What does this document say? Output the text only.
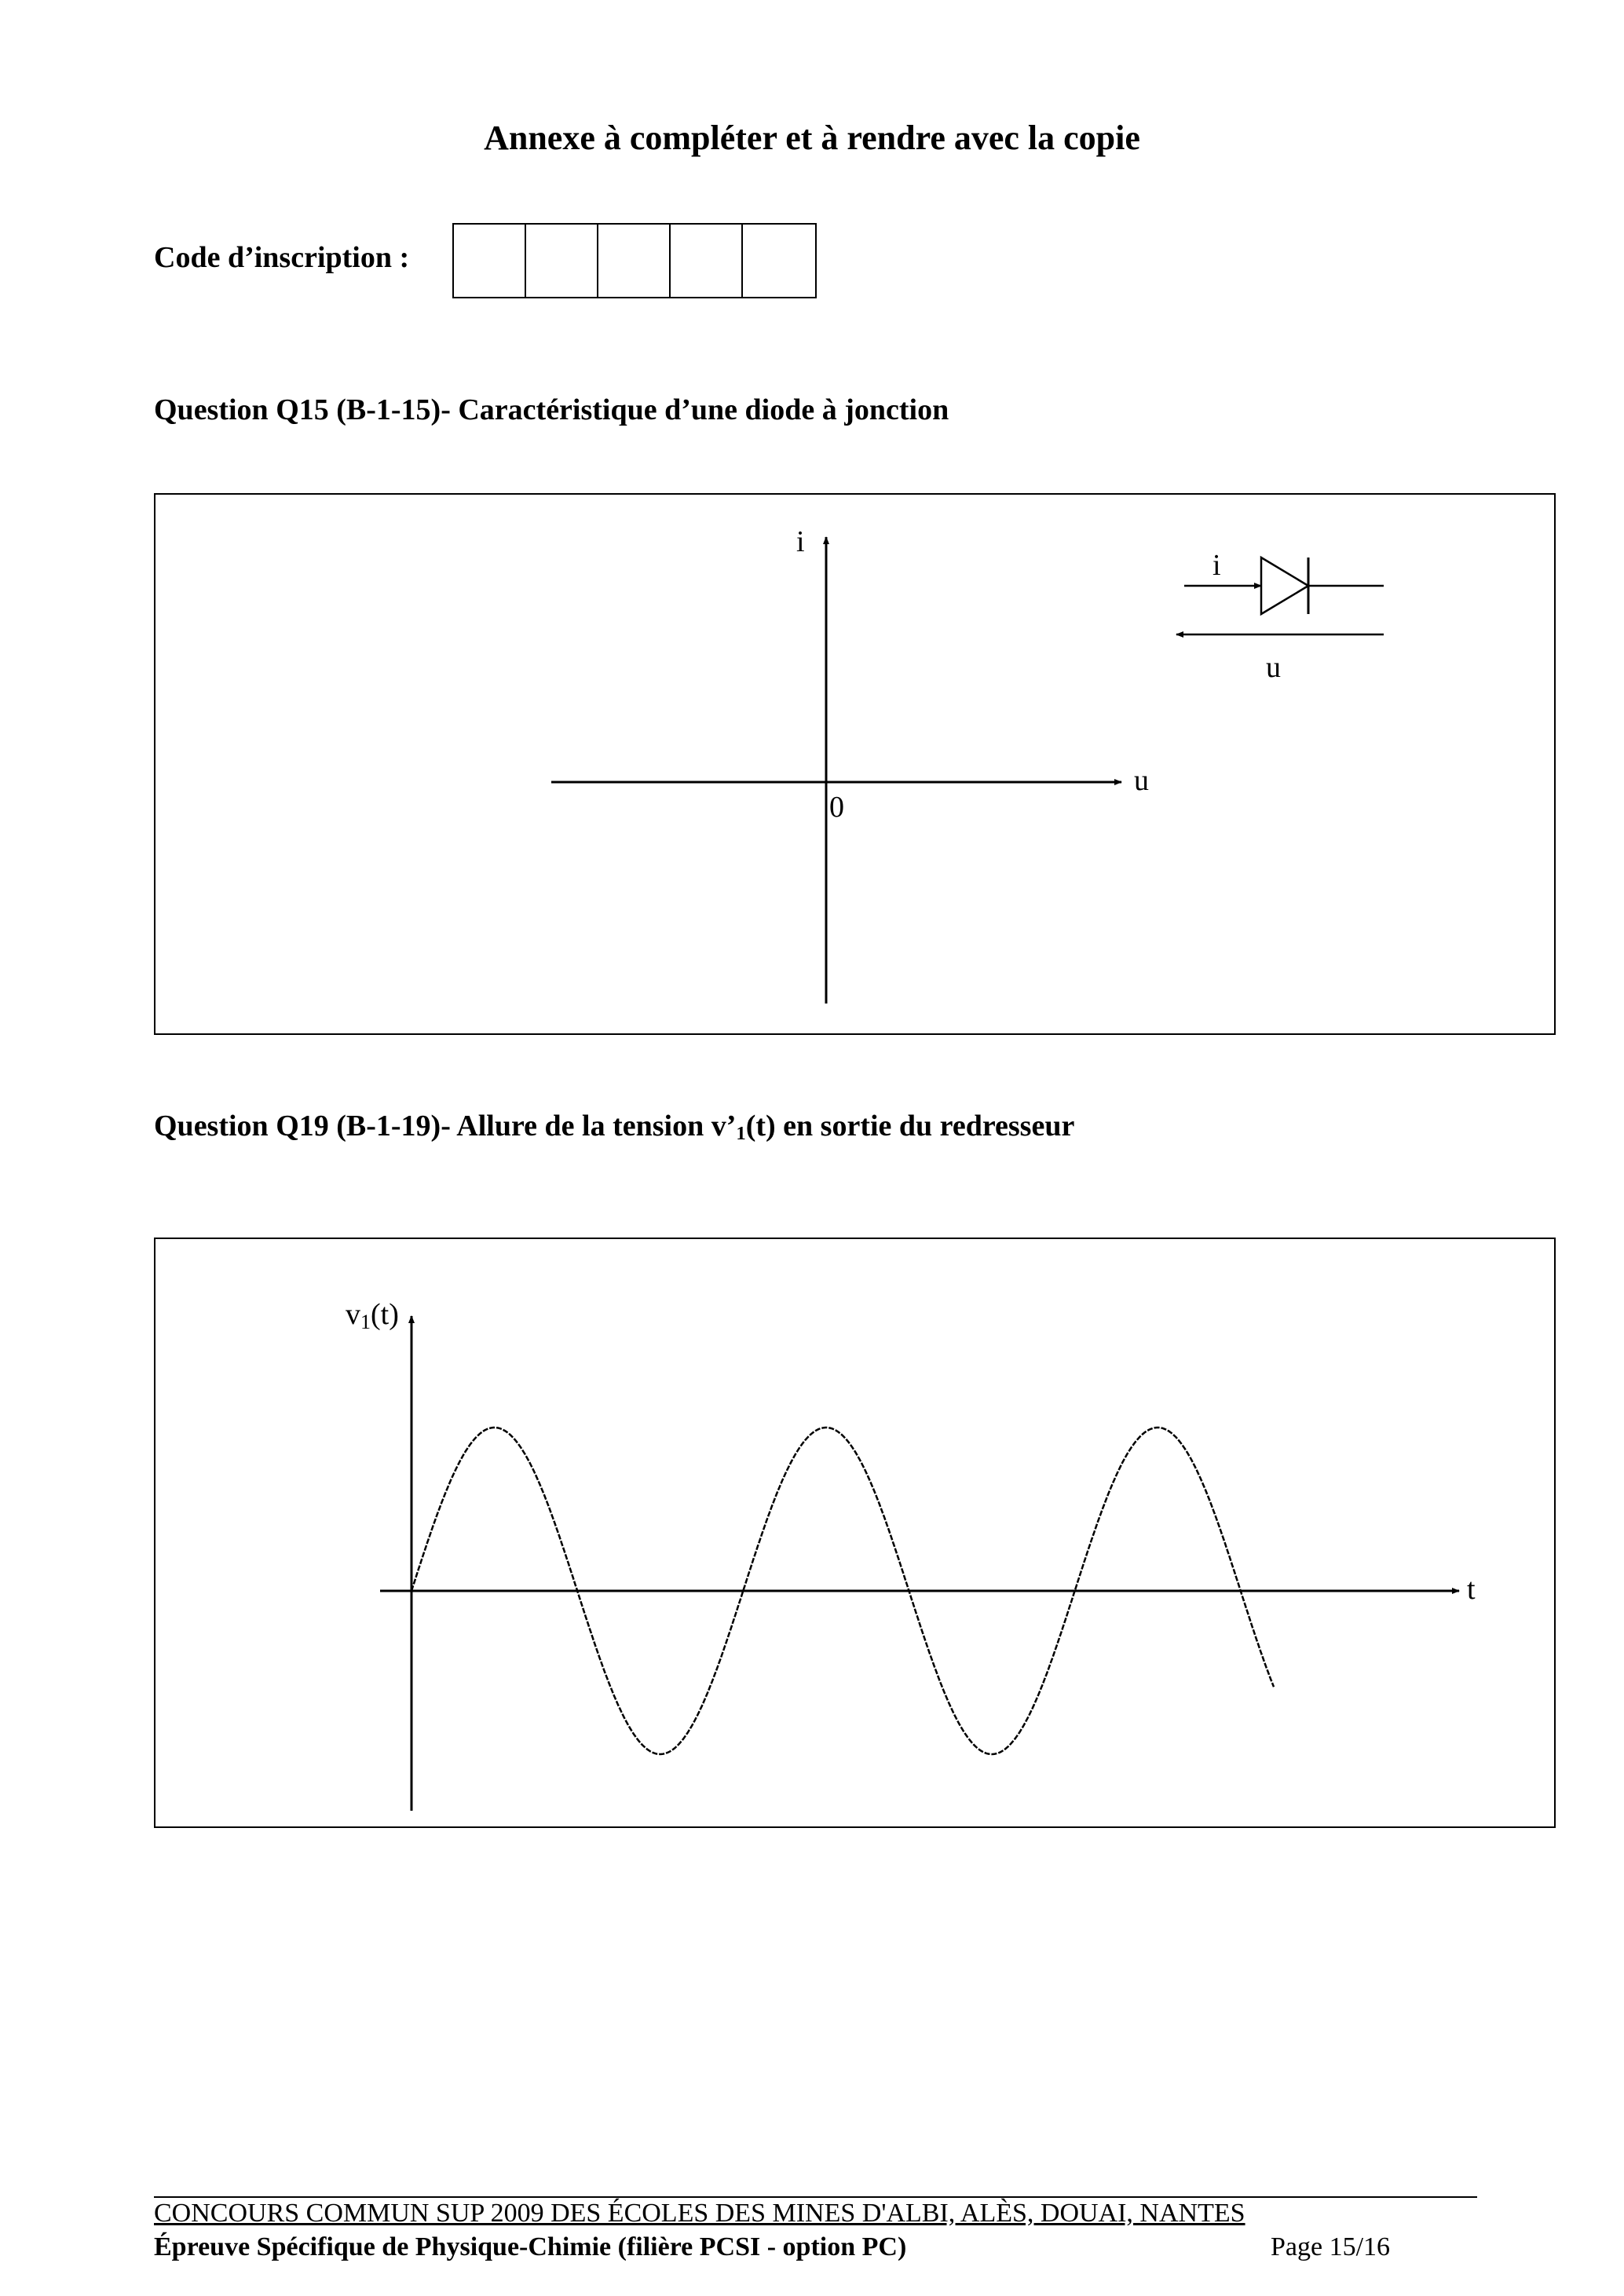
Annexe à compléter et à rendre avec la copie
Code d’inscription :
Question Q15 (B-1-15)- Caractéristique d’une diode à jonction
i
u
0
i
u
Question Q19 (B-1-19)- Allure de la tension $v’_1(t)$ en sortie du redresseur
v1(t)
t
CONCOURS COMMUN SUP 2009 DES ÉCOLES DES MINES D'ALBI, ALÈS, DOUAI, NANTES
Épreuve Spécifique de Physique-Chimie (filière PCSI - option PC)	Page 15/16
